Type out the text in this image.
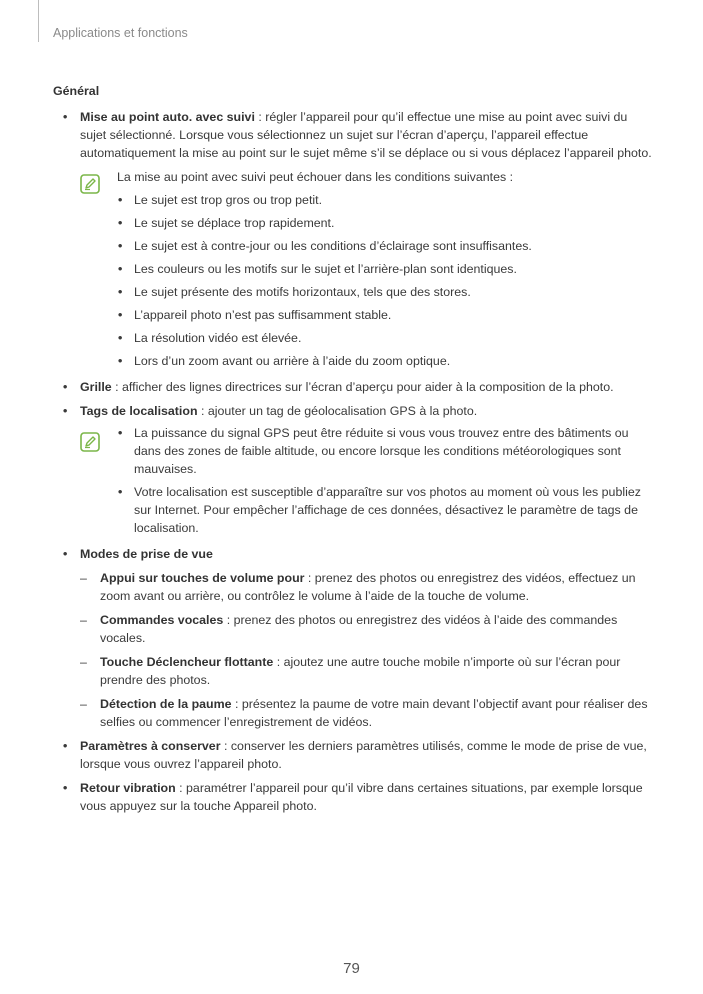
Applications et fonctions
Général
• Mise au point auto. avec suivi : régler l’appareil pour qu’il effectue une mise au point avec suivi du sujet sélectionné. Lorsque vous sélectionnez un sujet sur l’écran d’aperçu, l’appareil effectue automatiquement la mise au point sur le sujet même s’il se déplace ou si vous déplacez l’appareil photo.
La mise au point avec suivi peut échouer dans les conditions suivantes :
• Le sujet est trop gros ou trop petit.
• Le sujet se déplace trop rapidement.
• Le sujet est à contre-jour ou les conditions d’éclairage sont insuffisantes.
• Les couleurs ou les motifs sur le sujet et l’arrière-plan sont identiques.
• Le sujet présente des motifs horizontaux, tels que des stores.
• L’appareil photo n’est pas suffisamment stable.
• La résolution vidéo est élevée.
• Lors d’un zoom avant ou arrière à l’aide du zoom optique.
• Grille : afficher des lignes directrices sur l’écran d’aperçu pour aider à la composition de la photo.
• Tags de localisation : ajouter un tag de géolocalisation GPS à la photo.
• La puissance du signal GPS peut être réduite si vous vous trouvez entre des bâtiments ou dans des zones de faible altitude, ou encore lorsque les conditions météorologiques sont mauvaises.
• Votre localisation est susceptible d’apparaître sur vos photos au moment où vous les publiez sur Internet. Pour empêcher l’affichage de ces données, désactivez le paramètre de tags de localisation.
• Modes de prise de vue
– Appui sur touches de volume pour : prenez des photos ou enregistrez des vidéos, effectuez un zoom avant ou arrière, ou contrôlez le volume à l’aide de la touche de volume.
– Commandes vocales : prenez des photos ou enregistrez des vidéos à l’aide des commandes vocales.
– Touche Déclencheur flottante : ajoutez une autre touche mobile n’importe où sur l’écran pour prendre des photos.
– Détection de la paume : présentez la paume de votre main devant l’objectif avant pour réaliser des selfies ou commencer l’enregistrement de vidéos.
• Paramètres à conserver : conserver les derniers paramètres utilisés, comme le mode de prise de vue, lorsque vous ouvrez l’appareil photo.
• Retour vibration : paramétrer l’appareil pour qu’il vibre dans certaines situations, par exemple lorsque vous appuyez sur la touche Appareil photo.
79
